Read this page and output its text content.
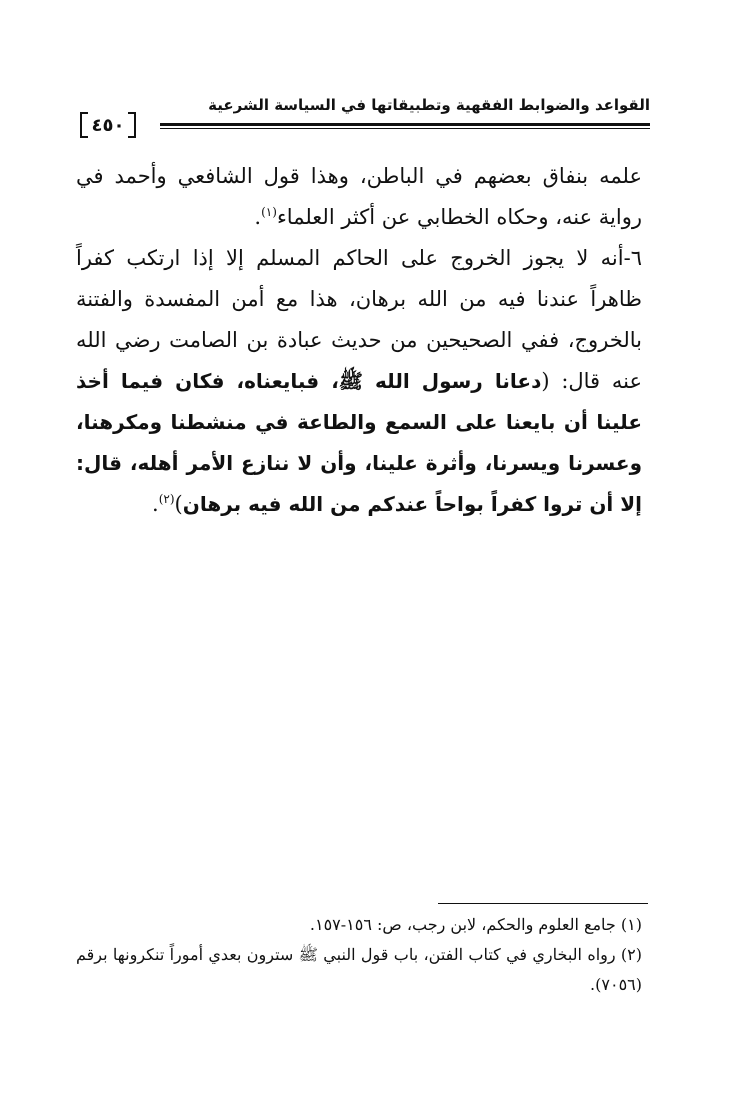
القواعد والضوابط الفقهية وتطبيقاتها في السياسة الشرعية
٤٥٠

علمه بنفاق بعضهم في الباطن، وهذا قول الشافعي وأحمد في رواية عنه، وحكاه الخطابي عن أكثر العلماء$^{(١)}$.

٦-أنه لا يجوز الخروج على الحاكم المسلم إلا إذا ارتكب كفراً ظاهراً عندنا فيه من الله برهان، هذا مع أمن المفسدة والفتنة بالخروج، ففي الصحيحين من حديث عبادة بن الصامت رضي الله عنه قال: (دعانا رسول الله ﷺ، فبايعناه، فكان فيما أخذ علينا أن بايعنا على السمع والطاعة في منشطنا ومكرهنا، وعسرنا ويسرنا، وأثرة علينا، وأن لا ننازع الأمر أهله، قال: إلا أن تروا كفراً بواحاً عندكم من الله فيه برهان)$^{(٢)}$.

(١) جامع العلوم والحكم، لابن رجب، ص: ١٥٦-١٥٧.

(٢) رواه البخاري في كتاب الفتن، باب قول النبي ﷺ سترون بعدي أموراً تنكرونها برقم (٧٠٥٦).
